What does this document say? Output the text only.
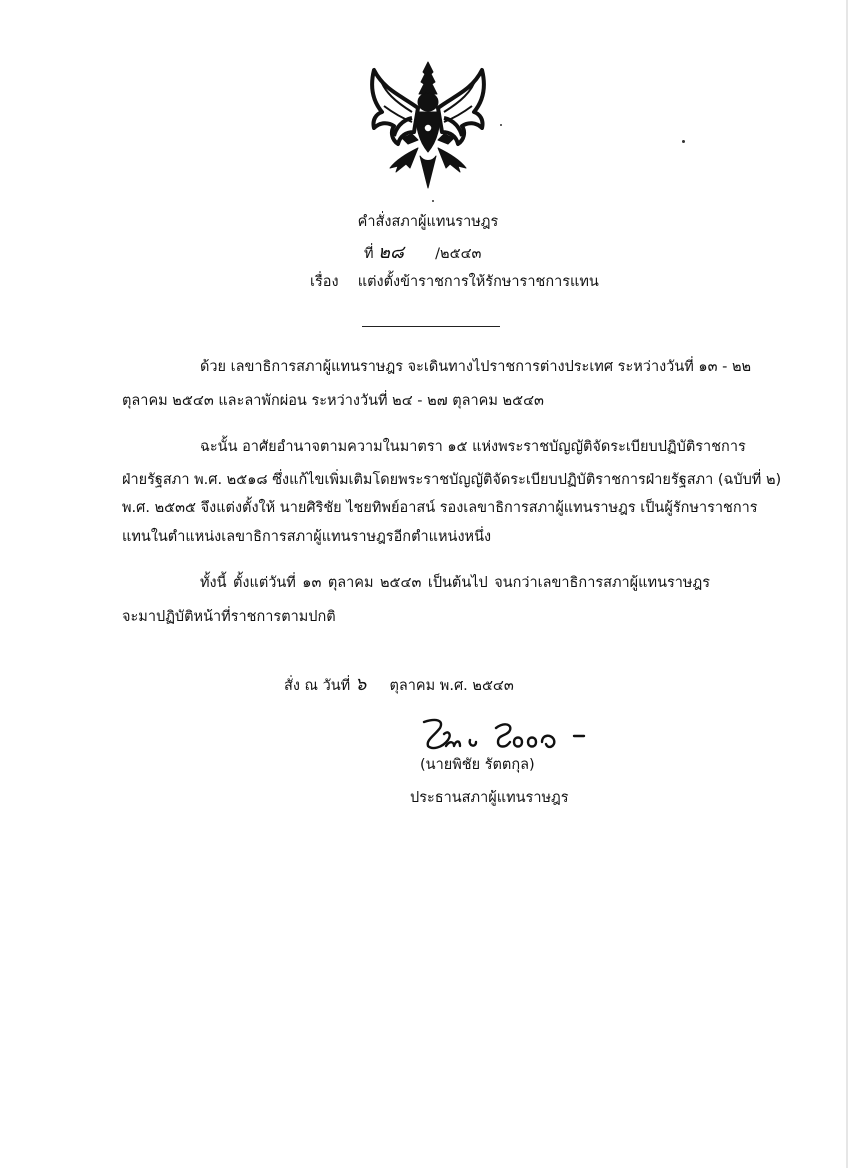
คำสั่งสภาผู้แทนราษฎร
ที่ ๒๘ /๒๕๔๓
เรื่อง แต่งตั้งข้าราชการให้รักษาราชการแทน
ด้วย เลขาธิการสภาผู้แทนราษฎร จะเดินทางไปราชการต่างประเทศ ระหว่างวันที่ ๑๓ - ๒๒
ตุลาคม ๒๕๔๓ และลาพักผ่อน ระหว่างวันที่ ๒๔ - ๒๗ ตุลาคม ๒๕๔๓
ฉะนั้น อาศัยอำนาจตามความในมาตรา ๑๕ แห่งพระราชบัญญัติจัดระเบียบปฏิบัติราชการ
ฝ่ายรัฐสภา พ.ศ. ๒๕๑๘ ซึ่งแก้ไขเพิ่มเติมโดยพระราชบัญญัติจัดระเบียบปฏิบัติราชการฝ่ายรัฐสภา (ฉบับที่ ๒)
พ.ศ. ๒๕๓๕ จึงแต่งตั้งให้ นายศิริชัย ไชยทิพย์อาสน์ รองเลขาธิการสภาผู้แทนราษฎร เป็นผู้รักษาราชการ
แทนในตำแหน่งเลขาธิการสภาผู้แทนราษฎรอีกตำแหน่งหนึ่ง
ทั้งนี้ ตั้งแต่วันที่ ๑๓ ตุลาคม ๒๕๔๓ เป็นต้นไป จนกว่าเลขาธิการสภาผู้แทนราษฎร
จะมาปฏิบัติหน้าที่ราชการตามปกติ
สั่ง ณ วันที่ ๖ ตุลาคม พ.ศ. ๒๕๔๓
(นายพิชัย รัตตกุล)
ประธานสภาผู้แทนราษฎร
